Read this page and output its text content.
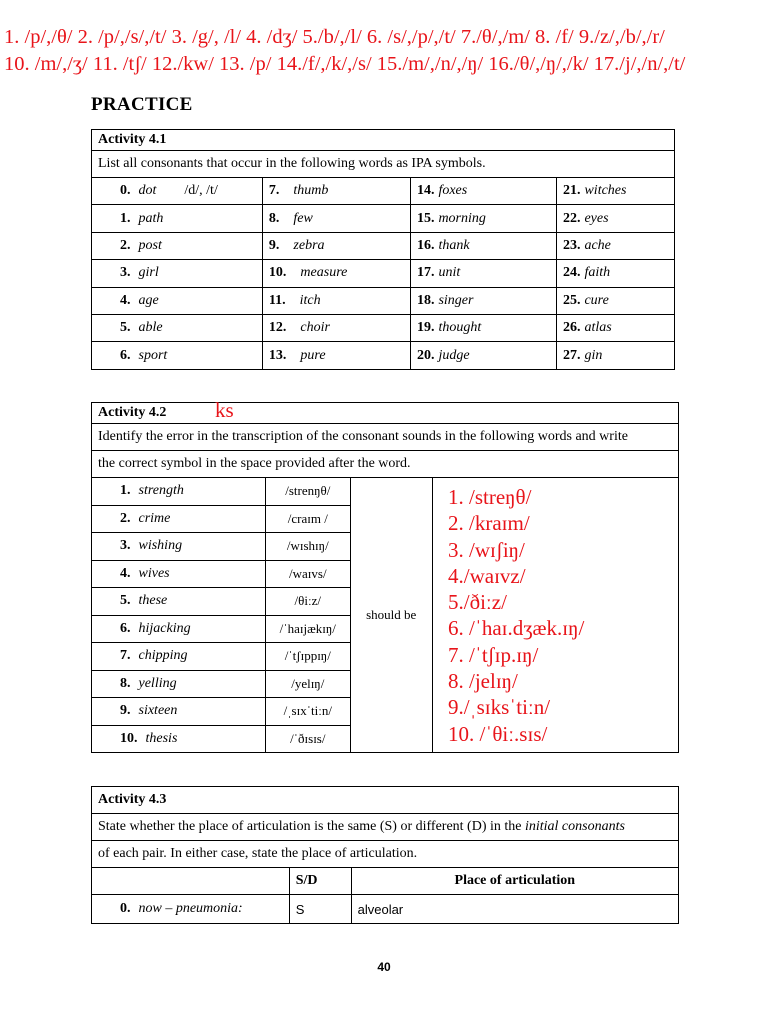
1. /p/,/θ/ 2. /p/,/s/,/t/ 3. /g/, /l/ 4. /dʒ/ 5./b/,/l/ 6. /s/,/p/,/t/ 7./θ/,/m/ 8. /f/ 9./z/,/b/,/r/
10. /m/,/ʒ/ 11. /tʃ/ 12./kw/ 13. /p/ 14./f/,/k/,/s/ 15./m/,/n/,/ŋ/ 16./θ/,/ŋ/,/k/ 17./j/,/n/,/t/
PRACTICE
Activity 4.1			
List all consonants that occur in the following words as IPA symbols.			
0. dot /d/, /t/	7. thumb	14. foxes	21. witches
1. path	8. few	15. morning	22. eyes
2. post	9. zebra	16. thank	23. ache
3. girl	10. measure	17. unit	24. faith
4. age	11. itch	18. singer	25. cure
5. able	12. choir	19. thought	26. atlas
6. sport	13. pure	20. judge	27. gin
Activity 4.2			
Identify the error in the transcription of the consonant sounds in the following words and write			
the correct symbol in the space provided after the word.			
1. strength	/strenŋθ/	should be	
2. crime	/craɪm /		
3. wishing	/wɪshɪŋ/		
4. wives	/waɪvs/		
5. these	/θiːz/		
6. hijacking	/ˈhaɪjækɪŋ/		
7. chipping	/ˈtʃɪppɪŋ/		
8. yelling	/yelɪŋ/		
9. sixteen	/ˌsɪxˈtiːn/		
10. thesis	/ˈðɪsɪs/		
ks
1. /streŋθ/
2. /kraɪm/
3. /wɪʃiŋ/
4./waɪvz/
5./ðiːz/
6. /ˈhaɪ.dʒæk.ɪŋ/
7. /ˈtʃɪp.ɪŋ/
8. /jelɪŋ/
9./ˌsɪksˈtiːn/
10. /ˈθiː.sɪs/
Activity 4.3		
State whether the place of articulation is the same (S) or different (D) in the initial consonants		
of each pair. In either case, state the place of articulation.		
	S/D	Place of articulation
0. now – pneumonia:	S	alveolar
40
